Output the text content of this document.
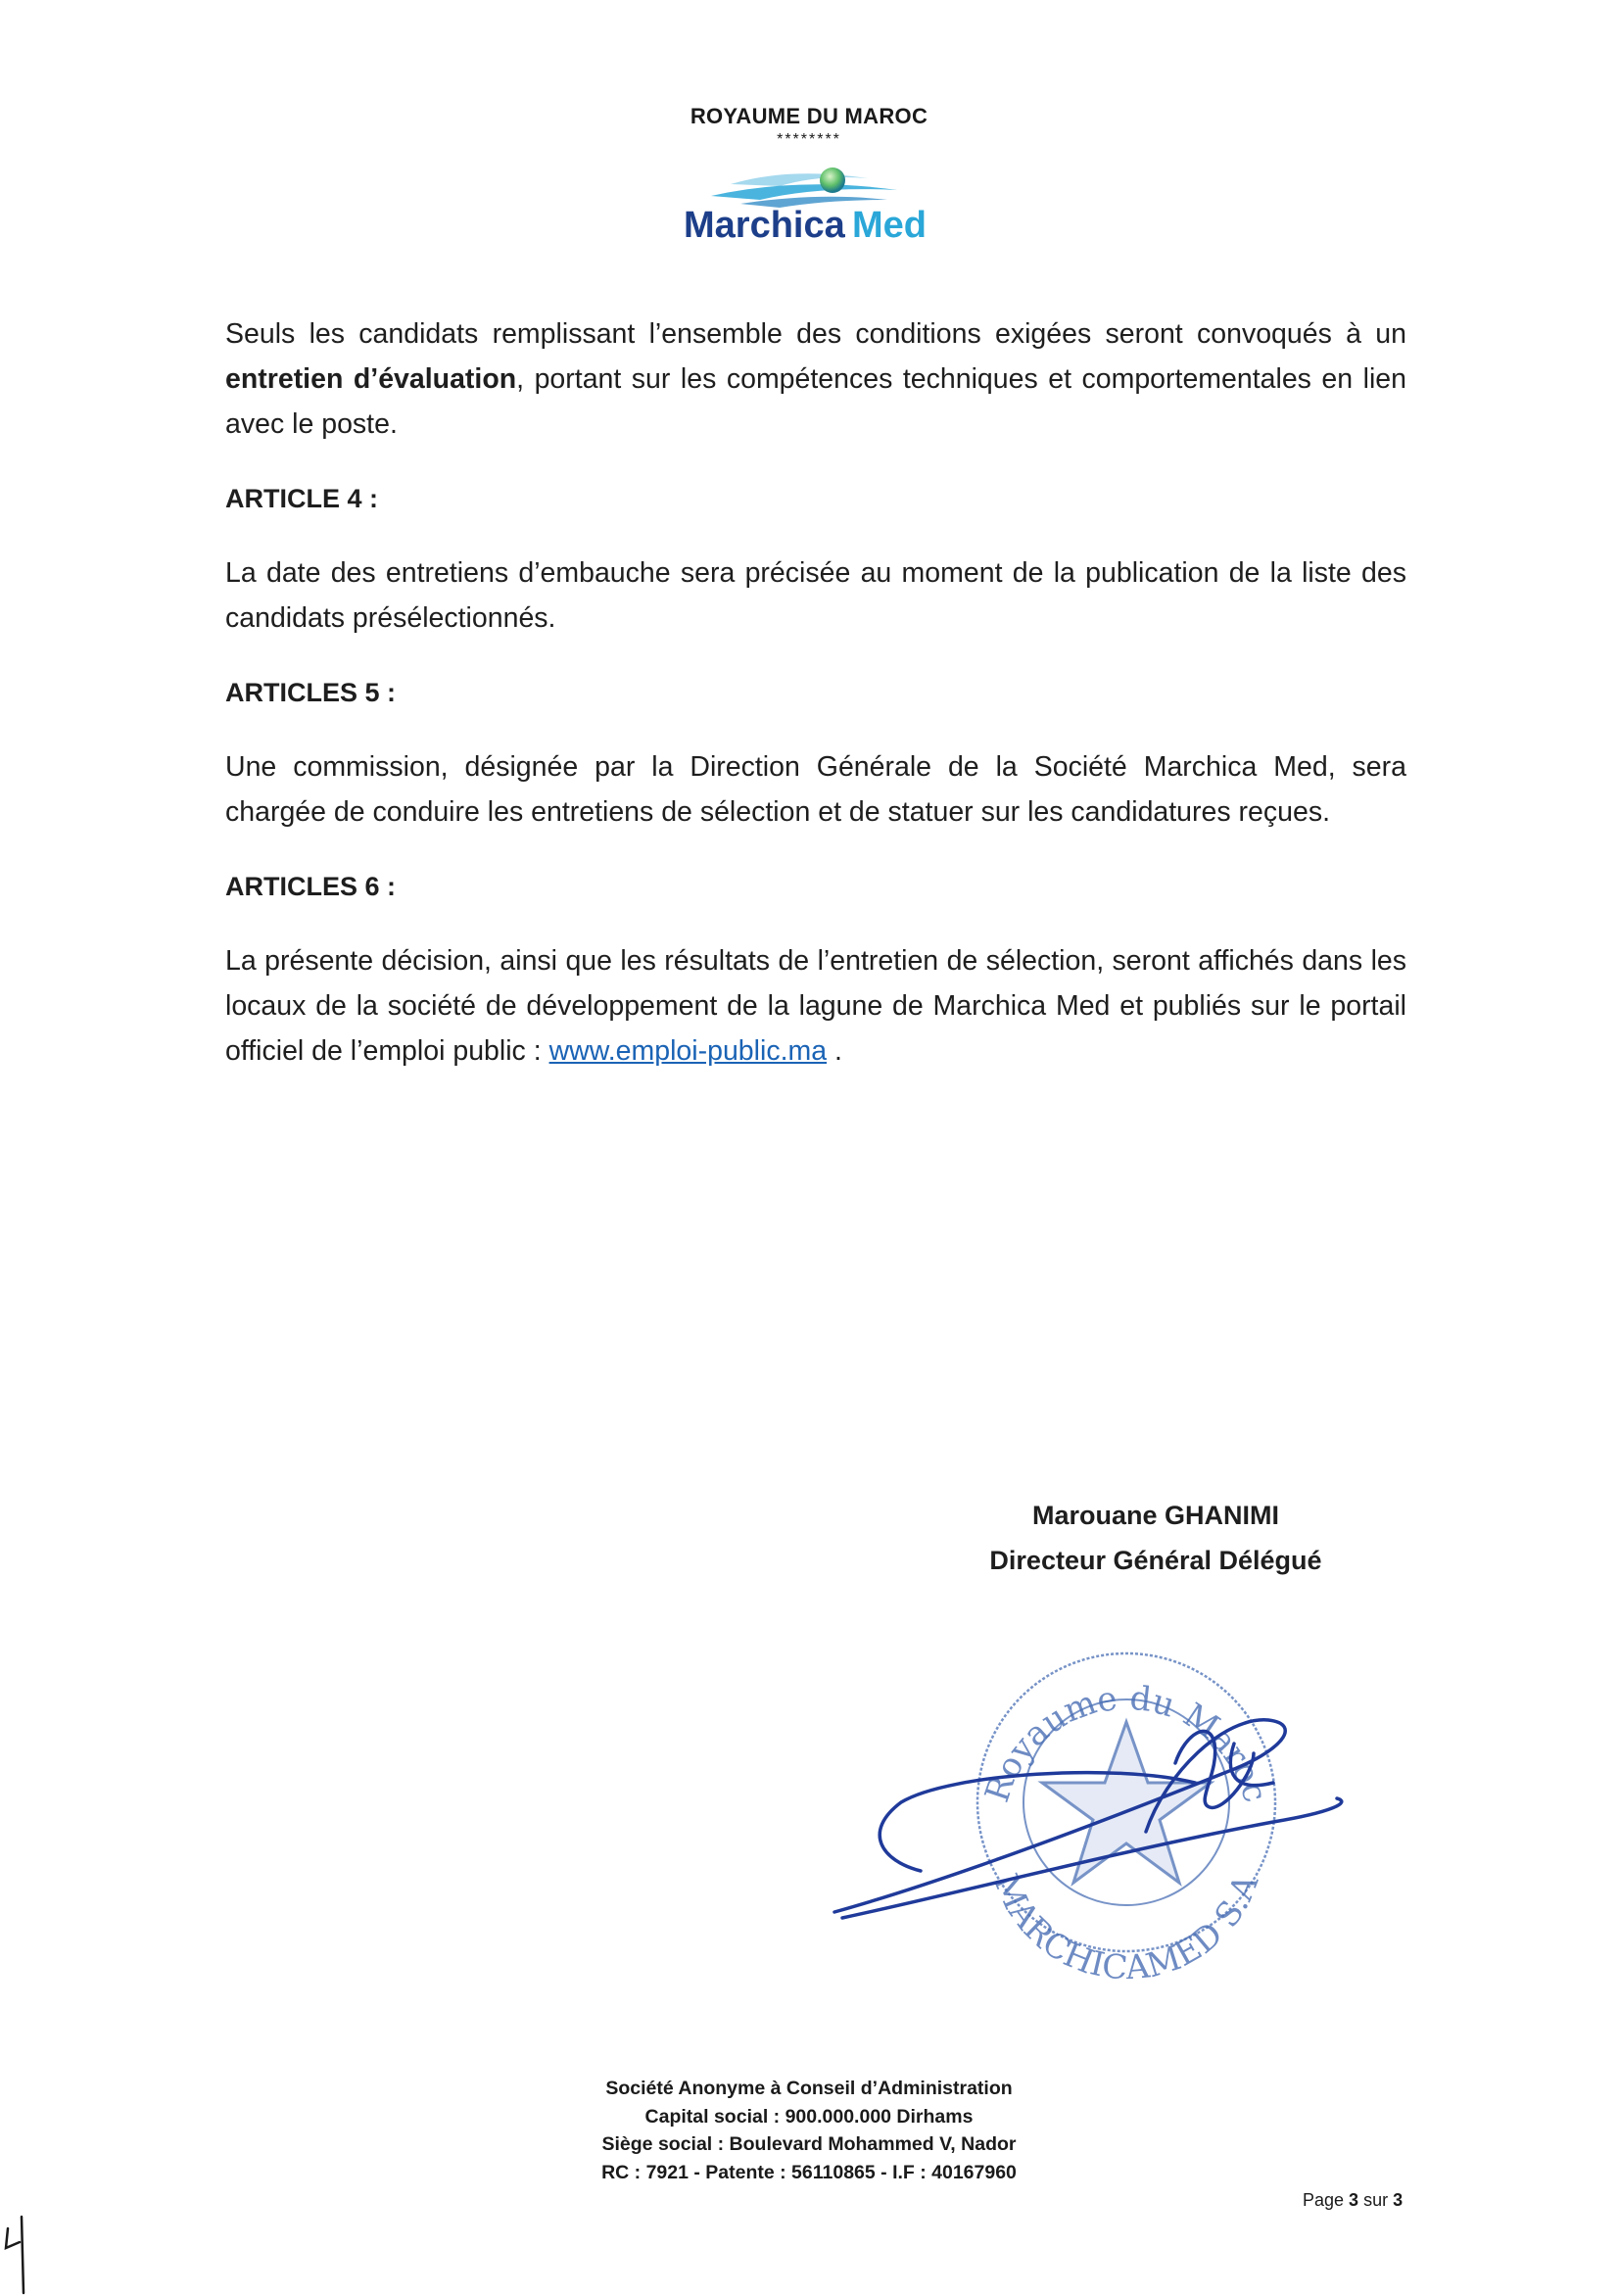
ROYAUME DU MAROC
********
Marchica Med

Seuls les candidats remplissant l’ensemble des conditions exigées seront convoqués à un entretien d’évaluation, portant sur les compétences techniques et comportementales en lien avec le poste.

ARTICLE 4 :

La date des entretiens d’embauche sera précisée au moment de la publication de la liste des candidats présélectionnés.

ARTICLES 5 :

Une commission, désignée par la Direction Générale de la Société Marchica Med, sera chargée de conduire les entretiens de sélection et de statuer sur les candidatures reçues.

ARTICLES 6 :

La présente décision, ainsi que les résultats de l’entretien de sélection, seront affichés dans les locaux de la société de développement de la lagune de Marchica Med et publiés sur le portail officiel de l’emploi public : www.emploi-public.ma .

Marouane GHANIMI
Directeur Général Délégué
Royaume du Maroc
MARCHICAMED S.A
Société Anonyme à Conseil d’Administration
Capital social : 900.000.000 Dirhams
Siège social : Boulevard Mohammed V, Nador
RC : 7921 - Patente : 56110865 - I.F : 40167960
Page 3 sur 3
